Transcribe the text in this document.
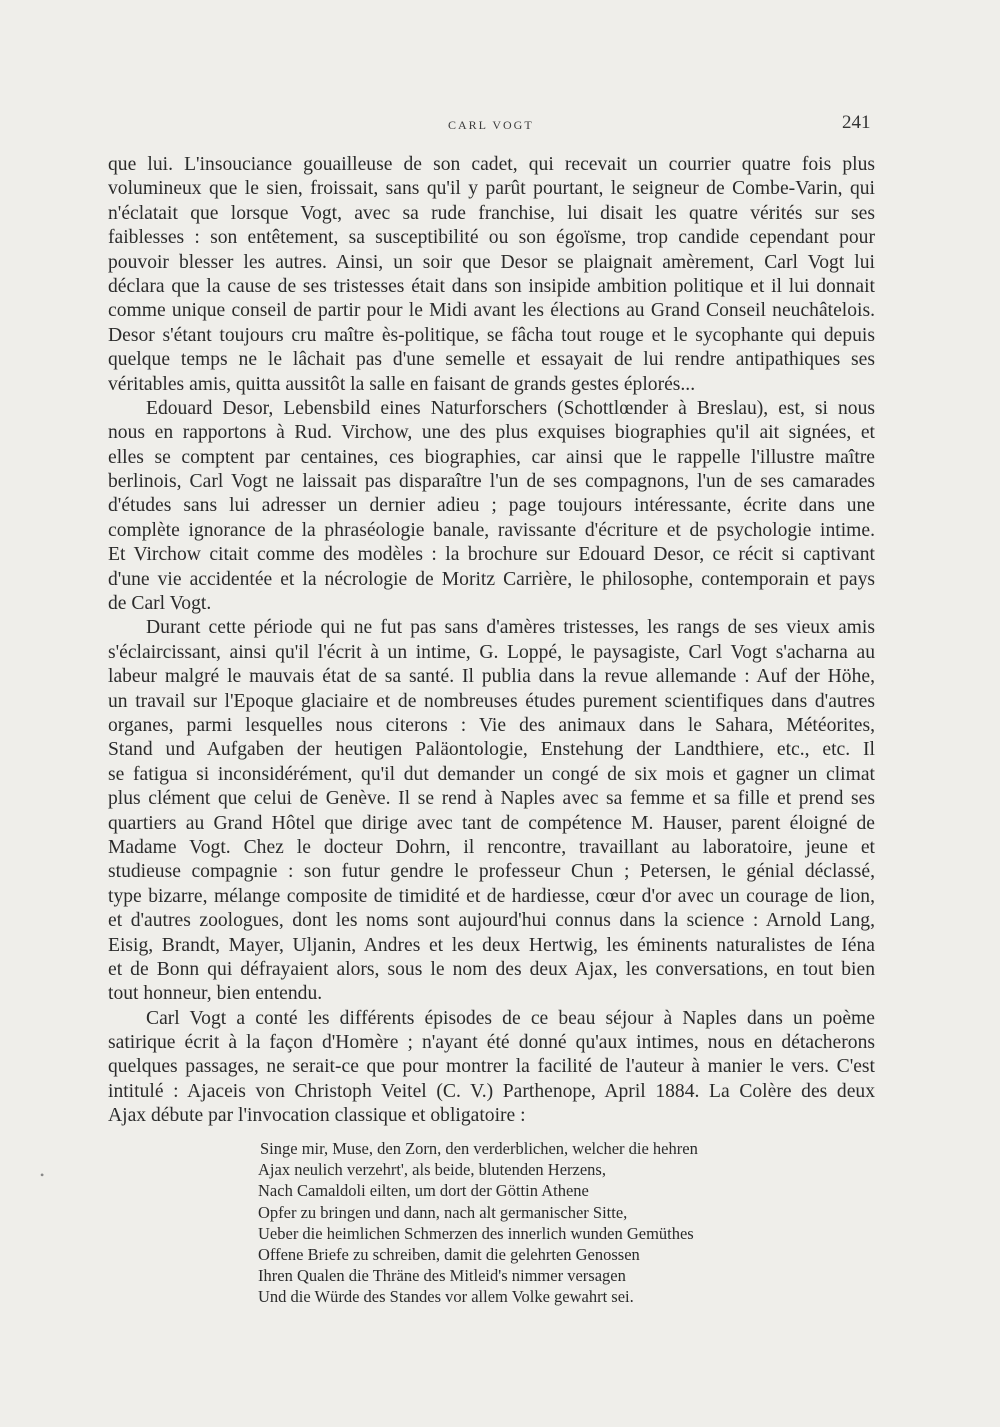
CARL VOGT	241
que lui. L'insouciance gouailleuse de son cadet, qui recevait un courrier quatre fois plus
volumineux que le sien, froissait, sans qu'il y parût pourtant, le seigneur de Combe-Varin, qui
n'éclatait que lorsque Vogt, avec sa rude franchise, lui disait les quatre vérités sur ses
faiblesses : son entêtement, sa susceptibilité ou son égoïsme, trop candide cependant pour
pouvoir blesser les autres. Ainsi, un soir que Desor se plaignait amèrement, Carl Vogt lui
déclara que la cause de ses tristesses était dans son insipide ambition politique et il lui donnait
comme unique conseil de partir pour le Midi avant les élections au Grand Conseil neuchâtelois.
Desor s'étant toujours cru maître ès-politique, se fâcha tout rouge et le sycophante qui depuis
quelque temps ne le lâchait pas d'une semelle et essayait de lui rendre antipathiques ses
véritables amis, quitta aussitôt la salle en faisant de grands gestes éplorés...
Edouard Desor, Lebensbild eines Naturforschers (Schottlœnder à Breslau), est, si nous
nous en rapportons à Rud. Virchow, une des plus exquises biographies qu'il ait signées, et
elles se comptent par centaines, ces biographies, car ainsi que le rappelle l'illustre maître
berlinois, Carl Vogt ne laissait pas disparaître l'un de ses compagnons, l'un de ses camarades
d'études sans lui adresser un dernier adieu ; page toujours intéressante, écrite dans une
complète ignorance de la phraséologie banale, ravissante d'écriture et de psychologie intime.
Et Virchow citait comme des modèles : la brochure sur Edouard Desor, ce récit si captivant
d'une vie accidentée et la nécrologie de Moritz Carrière, le philosophe, contemporain et pays
de Carl Vogt.
Durant cette période qui ne fut pas sans d'amères tristesses, les rangs de ses vieux amis
s'éclaircissant, ainsi qu'il l'écrit à un intime, G. Loppé, le paysagiste, Carl Vogt s'acharna au
labeur malgré le mauvais état de sa santé. Il publia dans la revue allemande : Auf der Höhe,
un travail sur l'Epoque glaciaire et de nombreuses études purement scientifiques dans d'autres
organes, parmi lesquelles nous citerons : Vie des animaux dans le Sahara, Météorites,
Stand und Aufgaben der heutigen Paläontologie, Enstehung der Landthiere, etc., etc. Il
se fatigua si inconsidérément, qu'il dut demander un congé de six mois et gagner un climat
plus clément que celui de Genève. Il se rend à Naples avec sa femme et sa fille et prend ses
quartiers au Grand Hôtel que dirige avec tant de compétence M. Hauser, parent éloigné de
Madame Vogt. Chez le docteur Dohrn, il rencontre, travaillant au laboratoire, jeune et
studieuse compagnie : son futur gendre le professeur Chun ; Petersen, le génial déclassé,
type bizarre, mélange composite de timidité et de hardiesse, cœur d'or avec un courage de lion,
et d'autres zoologues, dont les noms sont aujourd'hui connus dans la science : Arnold Lang,
Eisig, Brandt, Mayer, Uljanin, Andres et les deux Hertwig, les éminents naturalistes de Iéna
et de Bonn qui défrayaient alors, sous le nom des deux Ajax, les conversations, en tout bien
tout honneur, bien entendu.
Carl Vogt a conté les différents épisodes de ce beau séjour à Naples dans un poème
satirique écrit à la façon d'Homère ; n'ayant été donné qu'aux intimes, nous en détacherons
quelques passages, ne serait-ce que pour montrer la facilité de l'auteur à manier le vers. C'est
intitulé : Ajaceis von Christoph Veitel (C. V.) Parthenope, April 1884. La Colère des deux
Ajax débute par l'invocation classique et obligatoire :
Singe mir, Muse, den Zorn, den verderblichen, welcher die hehren
Ajax neulich verzehrt', als beide, blutenden Herzens,
Nach Camaldoli eilten, um dort der Göttin Athene
Opfer zu bringen und dann, nach alt germanischer Sitte,
Ueber die heimlichen Schmerzen des innerlich wunden Gemüthes
Offene Briefe zu schreiben, damit die gelehrten Genossen
Ihren Qualen die Thräne des Mitleid's nimmer versagen
Und die Würde des Standes vor allem Volke gewahrt sei.
•
